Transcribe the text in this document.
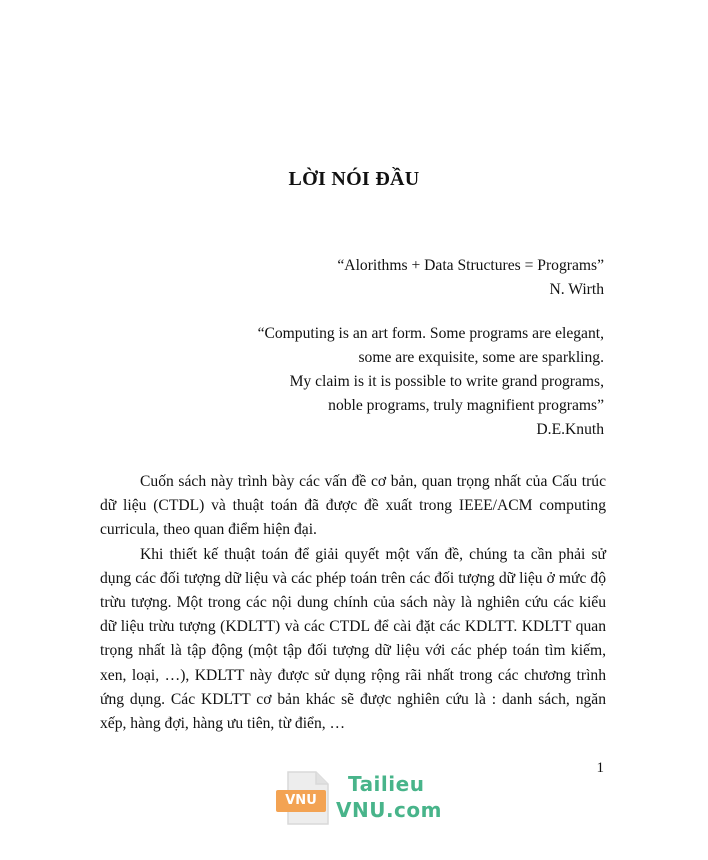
LỜI NÓI ĐẦU
“Alorithms + Data Structures = Programs”
N. Wirth
“Computing is an art form. Some programs are elegant,
some are exquisite, some are sparkling.
My claim is it is possible to write grand programs,
noble programs, truly magnifient programs”
D.E.Knuth

Cuốn sách này trình bày các vấn đề cơ bản, quan trọng nhất của Cấu trúc dữ liệu (CTDL) và thuật toán đã được đề xuất trong IEEE/ACM computing curricula, theo quan điểm hiện đại.

Khi thiết kế thuật toán để giải quyết một vấn đề, chúng ta cần phải sử dụng các đối tượng dữ liệu và các phép toán trên các đối tượng dữ liệu ở mức độ trừu tượng. Một trong các nội dung chính của sách này là nghiên cứu các kiểu dữ liệu trừu tượng (KDLTT) và các CTDL để cài đặt các KDLTT. KDLTT quan trọng nhất là tập động (một tập đối tượng dữ liệu với các phép toán tìm kiếm, xen, loại, …), KDLTT này được sử dụng rộng rãi nhất trong các chương trình ứng dụng. Các KDLTT cơ bản khác sẽ được nghiên cứu là : danh sách, ngăn xếp, hàng đợi, hàng ưu tiên, từ điển, …

1
VNU
Tailieu
VNU.com
